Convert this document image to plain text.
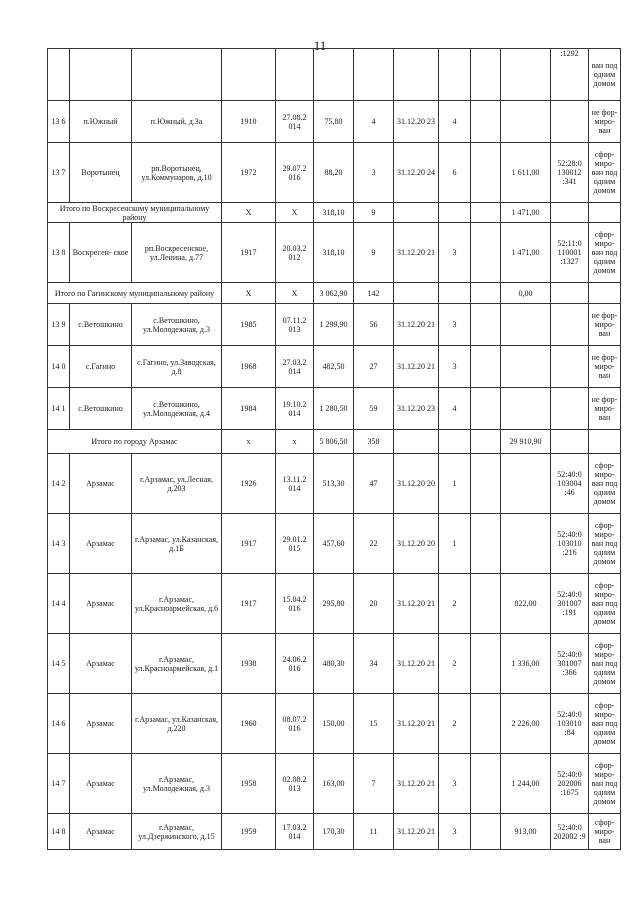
11
											:1292	ван под одним домом
13 6	п.Южный	п.Южный, д.3а	1910	27.08.2 014	75,80	4	31.12.20 23	4				не фор- миро- ван
13 7	Воротынец	рп.Воротынец, ул.Коммунаров, д.10	1972	29.07.2 016	88,20	3	31.12.20 24	6		1 611,00	52:28:0 130012 :341	сфор- миро- ван под одним домом
Итого по Воскресенскому муниципальному району			X	X	318,10	9				1 471,00		
13 8	Воскресен- ское	рп.Воскресенское, ул.Ленина, д.77	1917	20.03.2 012	318,10	9	31.12.20 21	3		1 471,00	52:11:0 110001 :1327	сфор- миро- ван под одним домом
Итого по Гагинскому муниципальному району			X	X	3 062,90	142				0,00		
13 9	с.Ветошкино	с.Ветошкино, ул.Молодежная, д.3	1985	07.11.2 013	1 299,90	56	31.12.20 21	3				не фор- миро- ван
14 0	с.Гагино	с.Гагино, ул.Заводская, д.8	1968	27.03.2 014	482,50	27	31.12.20 21	3				не фор- миро- ван
14 1	с.Ветошкино	с.Ветошкино, ул.Молодежная, д.4	1984	19.10.2 014	1 280,50	59	31.12.20 23	4				не фор- миро- ван
Итого по городу Арзамас			x	x	5 806,50	358				29 910,90		
14 2	Арзамас	г.Арзамас, ул.Лесная, д.20З	1926	13.11.2 014	513,30	47	31.12.20 20	1			52:40:0 103004 :46	сфор- миро- ван под одним домом
14 3	Арзамас	г.Арзамас, ул.Казанская, д.1Б	1917	29.01.2 015	457,60	22	31.12.20 20	1			52:40:0 103010 :216	сфор- миро- ван под одним домом
14 4	Арзамас	г.Арзамас, ул.Красноармейская, д.6	1917	15.04.2 016	295,80	20	31.12.20 21	2		822,00	52:40:0 301007 :191	сфор- миро- ван под одним домом
14 5	Арзамас	г.Арзамас, ул.Красноармейская, д.1	1938	24.06.2 016	480,30	34	31.12.20 21	2		1 336,00	52:40:0 301007 :366	сфор- миро- ван под одним домом
14 6	Арзамас	г.Арзамас, ул.Казанская, д.220	1960	08.07.2 016	150,00	15	31.12.20 21	2		2 226,00	52:40:0 103010 :84	сфор- миро- ван под одним домом
14 7	Арзамас	г.Арзамас, ул.Молодежная, д.3	1958	02.08.2 013	163,00	7	31.12.20 21	3		1 244,00	52:40:0 202006 :1675	сфор- миро- ван под одним домом
14 8	Арзамас	г.Арзамас, ул.Дзержинского, д.15	1959	17.03.2 014	170,30	11	31.12.20 21	3		913,00	52:40:0 202002 :9	сфор- миро- ван
